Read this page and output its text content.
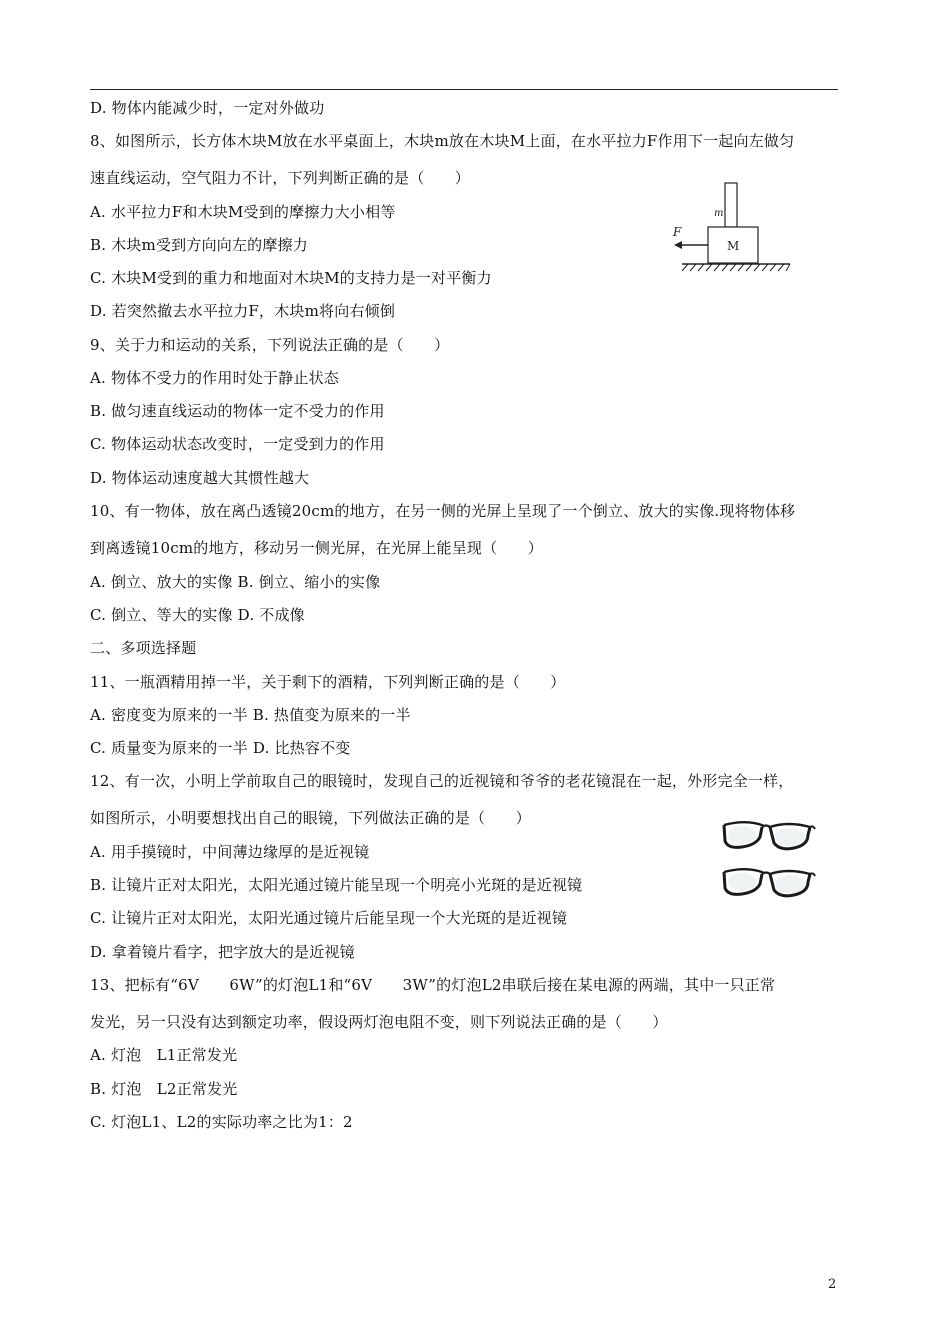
D. 物体内能减少时，一定对外做功
8、如图所示，长方体木块M放在水平桌面上，木块m放在木块M上面，在水平拉力F作用下一起向左做匀
速直线运动，空气阻力不计，下列判断正确的是（　　）
A. 水平拉力F和木块M受到的摩擦力大小相等
B. 木块m受到方向向左的摩擦力
C. 木块M受到的重力和地面对木块M的支持力是一对平衡力
D. 若突然撤去水平拉力F，木块m将向右倾倒
9、关于力和运动的关系，下列说法正确的是（　　）
A. 物体不受力的作用时处于静止状态
B. 做匀速直线运动的物体一定不受力的作用
C. 物体运动状态改变时，一定受到力的作用
D. 物体运动速度越大其惯性越大
10、有一物体，放在离凸透镜20cm的地方，在另一侧的光屏上呈现了一个倒立、放大的实像.现将物体移
到离透镜10cm的地方，移动另一侧光屏，在光屏上能呈现（　　）
A. 倒立、放大的实像 B. 倒立、缩小的实像
C. 倒立、等大的实像 D. 不成像
二、多项选择题
11、一瓶酒精用掉一半，关于剩下的酒精，下列判断正确的是（　　）
A. 密度变为原来的一半 B. 热值变为原来的一半
C. 质量变为原来的一半 D. 比热容不变
12、有一次，小明上学前取自己的眼镜时，发现自己的近视镜和爷爷的老花镜混在一起，外形完全一样，
如图所示，小明要想找出自己的眼镜，下列做法正确的是（　　）
A. 用手摸镜时，中间薄边缘厚的是近视镜
B. 让镜片正对太阳光，太阳光通过镜片能呈现一个明亮小光斑的是近视镜
C. 让镜片正对太阳光，太阳光通过镜片后能呈现一个大光斑的是近视镜
D. 拿着镜片看字，把字放大的是近视镜
13、把标有“6V　　6W”的灯泡L1和“6V　　3W”的灯泡L2串联后接在某电源的两端，其中一只正常
发光，另一只没有达到额定功率，假设两灯泡电阻不变，则下列说法正确的是（　　）
A. 灯泡　L1正常发光
B. 灯泡　L2正常发光
C. 灯泡L1、L2的实际功率之比为1：2
m
M
F
2
